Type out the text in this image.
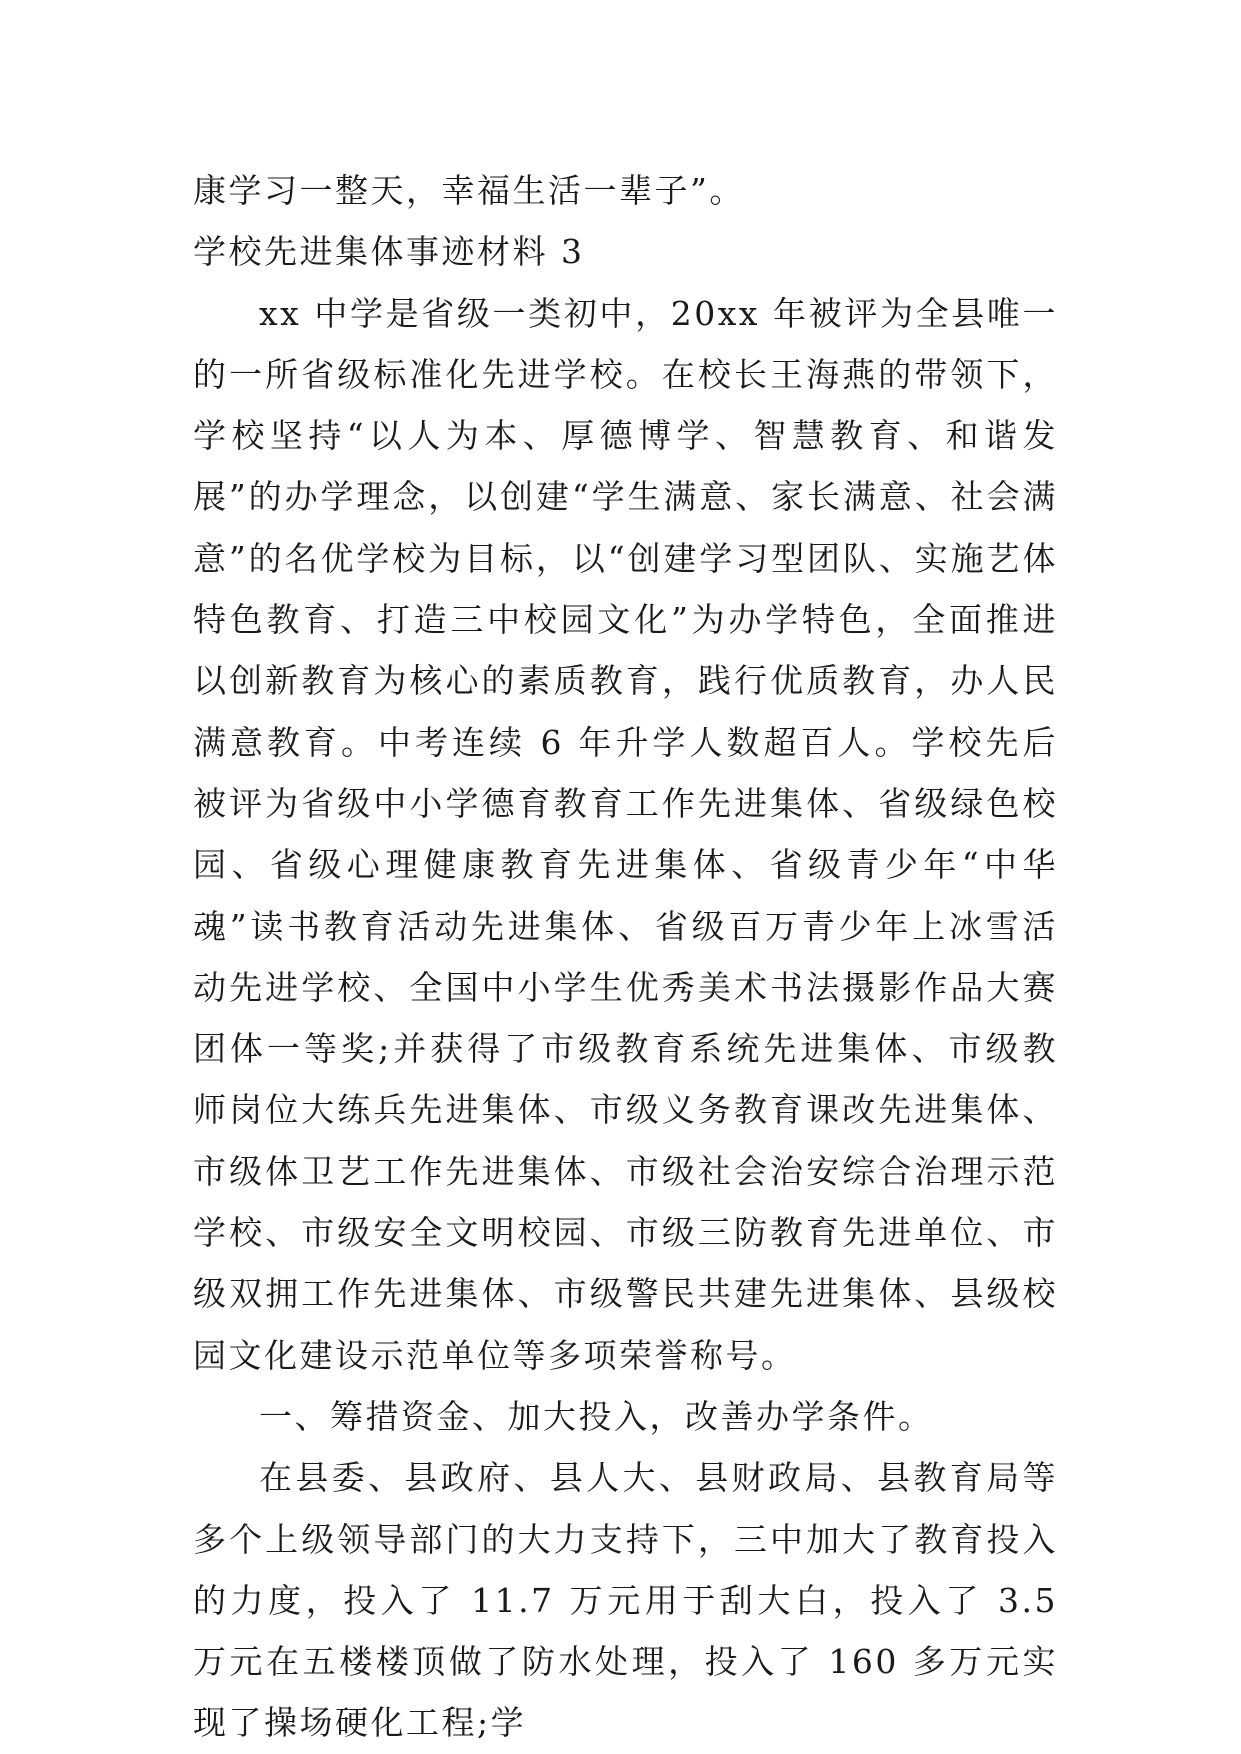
康学习一整天，幸福生活一辈子”。

学校先进集体事迹材料 3

xx 中学是省级一类初中，20xx 年被评为全县唯一的一所省级标准化先进学校。在校长王海燕的带领下，学校坚持“以人为本、厚德博学、智慧教育、和谐发展”的办学理念，以创建“学生满意、家长满意、社会满意”的名优学校为目标，以“创建学习型团队、实施艺体特色教育、打造三中校园文化”为办学特色，全面推进以创新教育为核心的素质教育，践行优质教育，办人民满意教育。中考连续 6 年升学人数超百人。学校先后被评为省级中小学德育教育工作先进集体、省级绿色校园、省级心理健康教育先进集体、省级青少年“中华魂”读书教育活动先进集体、省级百万青少年上冰雪活动先进学校、全国中小学生优秀美术书法摄影作品大赛团体一等奖;并获得了市级教育系统先进集体、市级教师岗位大练兵先进集体、市级义务教育课改先进集体、市级体卫艺工作先进集体、市级社会治安综合治理示范学校、市级安全文明校园、市级三防教育先进单位、市级双拥工作先进集体、市级警民共建先进集体、县级校园文化建设示范单位等多项荣誉称号。

一、筹措资金、加大投入，改善办学条件。

在县委、县政府、县人大、县财政局、县教育局等多个上级领导部门的大力支持下，三中加大了教育投入的力度，投入了 11.7 万元用于刮大白，投入了 3.5 万元在五楼楼顶做了防水处理，投入了 160 多万元实现了操场硬化工程;学
